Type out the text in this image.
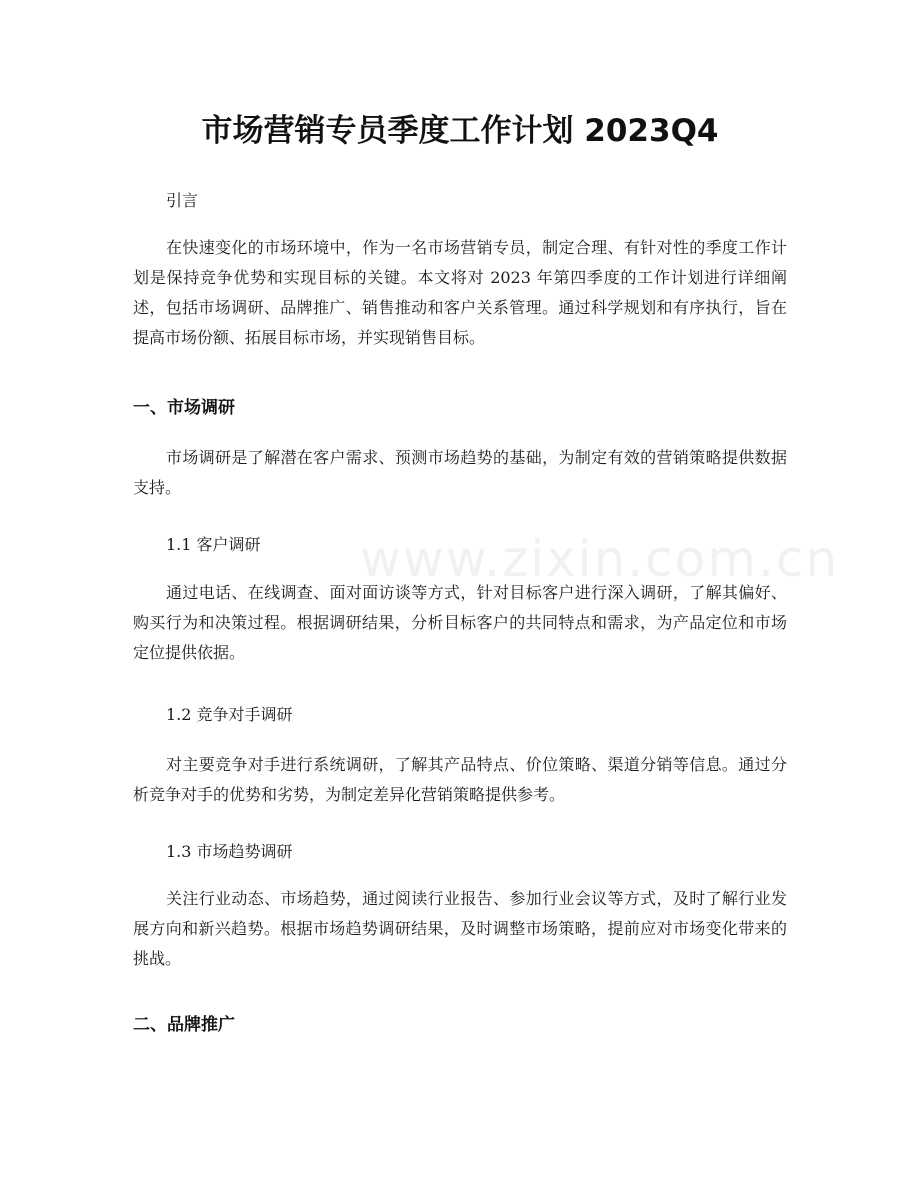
www.zixin.com.cn
市场营销专员季度工作计划 2023Q4

引言

在快速变化的市场环境中，作为一名市场营销专员，制定合理、有针对性的季度工作计划是保持竞争优势和实现目标的关键。本文将对 2023 年第四季度的工作计划进行详细阐述，包括市场调研、品牌推广、销售推动和客户关系管理。通过科学规划和有序执行，旨在提高市场份额、拓展目标市场，并实现销售目标。

一、市场调研

市场调研是了解潜在客户需求、预测市场趋势的基础，为制定有效的营销策略提供数据支持。

1.1 客户调研

通过电话、在线调查、面对面访谈等方式，针对目标客户进行深入调研，了解其偏好、购买行为和决策过程。根据调研结果，分析目标客户的共同特点和需求，为产品定位和市场定位提供依据。

1.2 竞争对手调研

对主要竞争对手进行系统调研，了解其产品特点、价位策略、渠道分销等信息。通过分析竞争对手的优势和劣势，为制定差异化营销策略提供参考。

1.3 市场趋势调研

关注行业动态、市场趋势，通过阅读行业报告、参加行业会议等方式，及时了解行业发展方向和新兴趋势。根据市场趋势调研结果，及时调整市场策略，提前应对市场变化带来的挑战。

二、品牌推广
